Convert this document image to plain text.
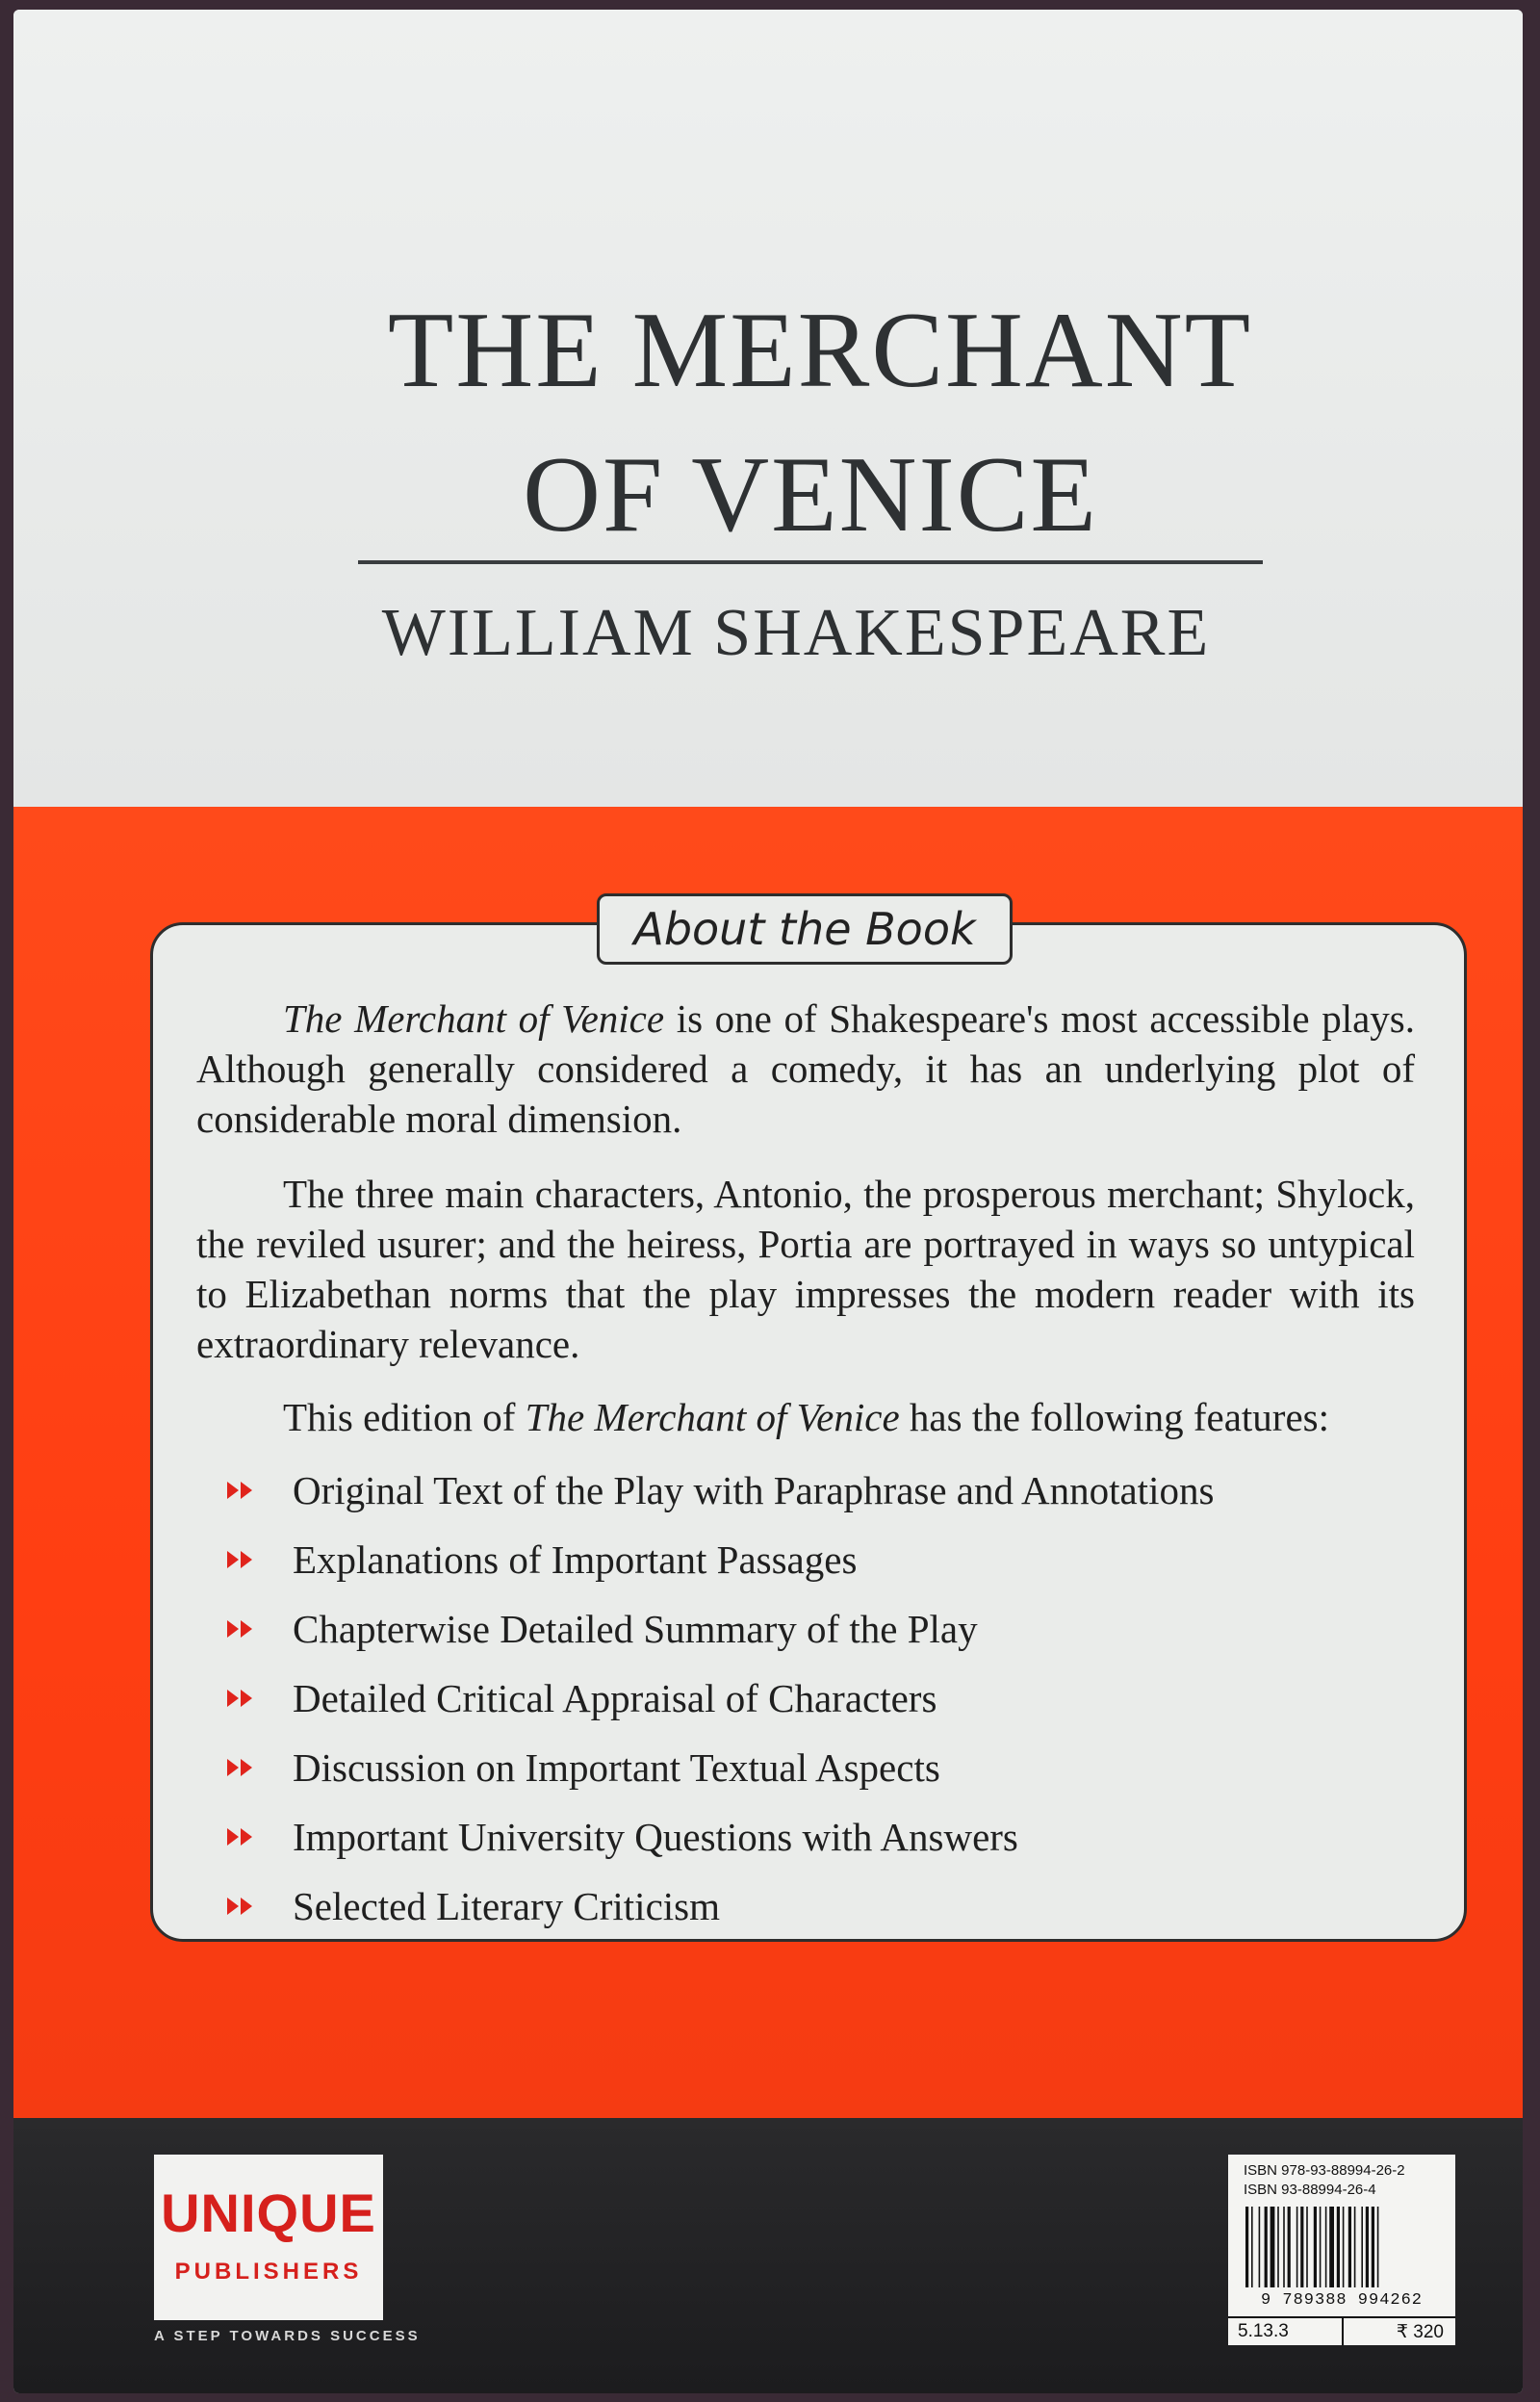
THE MERCHANT
OF VENICE
WILLIAM SHAKESPEARE
About the Book

The Merchant of Venice is one of Shakespeare's most accessible plays. Although generally considered a comedy, it has an underlying plot of considerable moral dimension.

The three main characters, Antonio, the prosperous merchant; Shylock, the reviled usurer; and the heiress, Portia are portrayed in ways so untypical to Elizabethan norms that the play impresses the modern reader with its extraordinary relevance.

This edition of The Merchant of Venice has the following features:

Original Text of the Play with Paraphrase and Annotations
Explanations of Important Passages
Chapterwise Detailed Summary of the Play
Detailed Critical Appraisal of Characters
Discussion on Important Textual Aspects
Important University Questions with Answers
Selected Literary Criticism
UNIQUE
PUBLISHERS
A STEP TOWARDS SUCCESS
ISBN 978-93-88994-26-2
ISBN 93-88994-26-4
9 789388 994262
5.13.3	₹ 320
